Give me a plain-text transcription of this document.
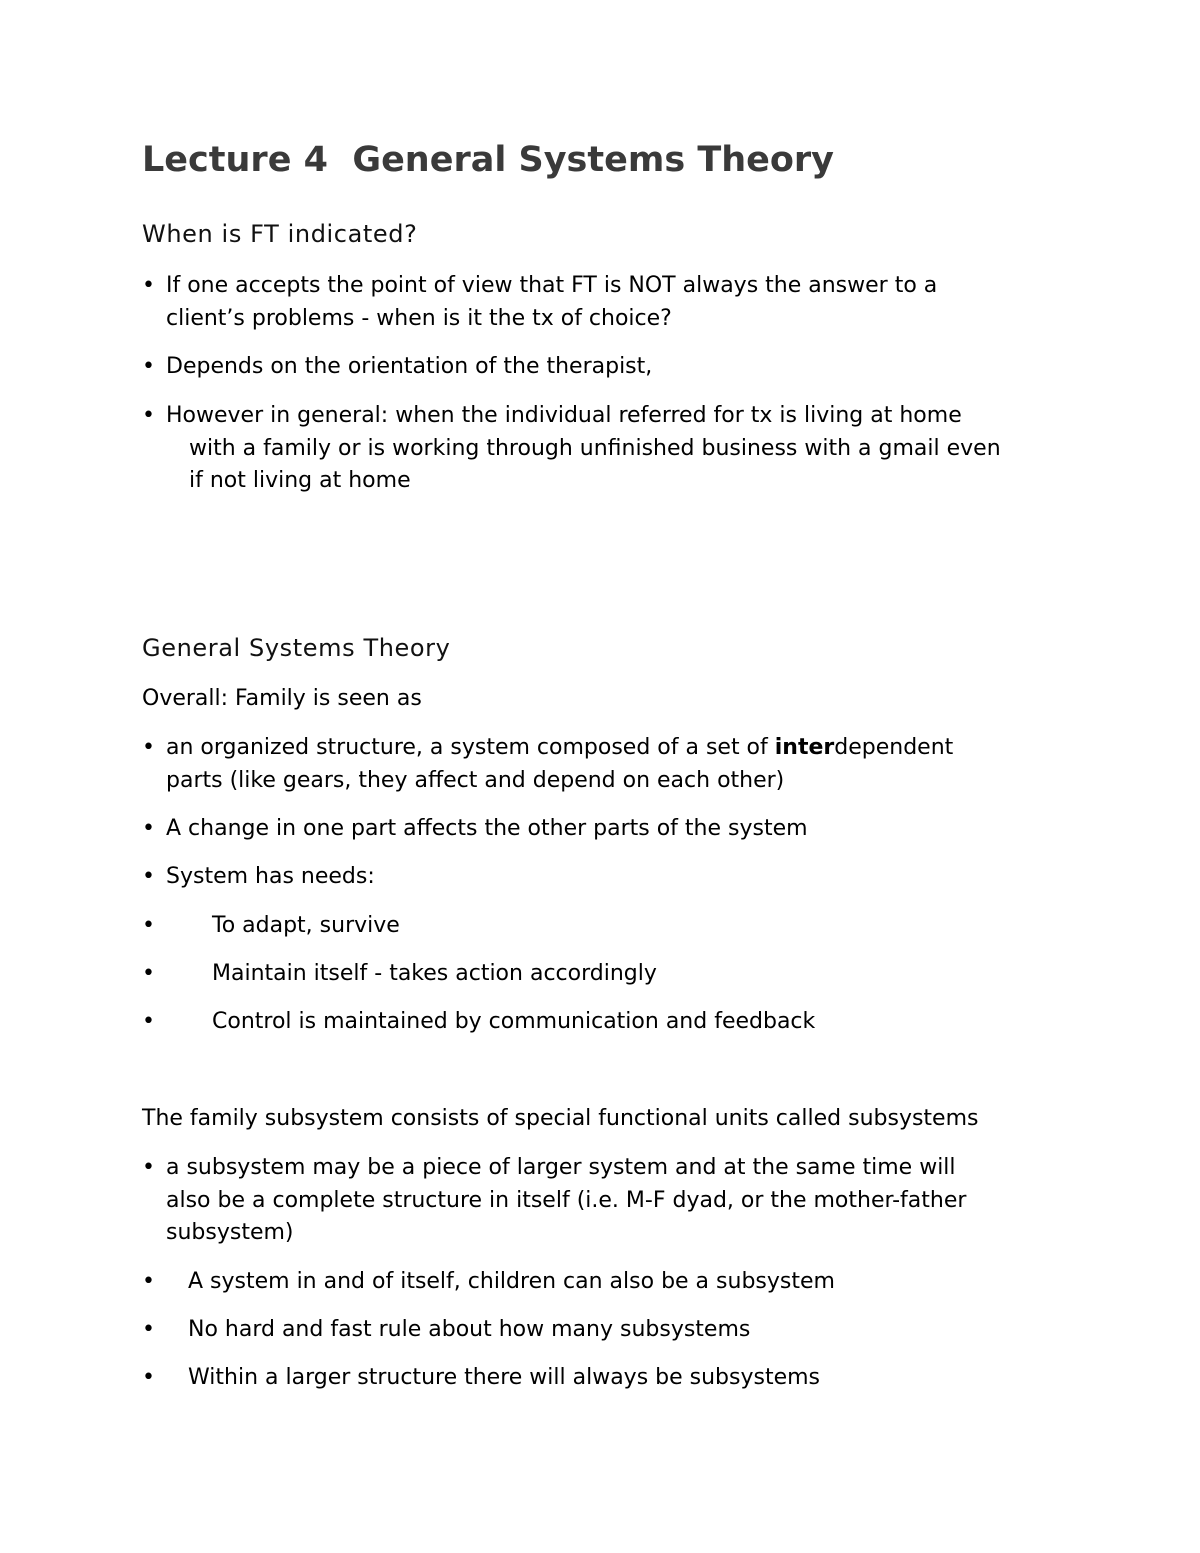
Lecture 4  General Systems Theory
When is FT indicated?
• If one accepts the point of view that FT is NOT always the answer to a
client’s problems - when is it the tx of choice?
• Depends on the orientation of the therapist,
• However in general: when the individual referred for tx is living at home
with a family or is working through unfinished business with a gmail even
if not living at home
General Systems Theory

Overall: Family is seen as

• an organized structure, a system composed of a set of interdependent
parts (like gears, they affect and depend on each other)
• A change in one part affects the other parts of the system
• System has needs:
•	To adapt, survive
•	Maintain itself - takes action accordingly
•	Control is maintained by communication and feedback

The family subsystem consists of special functional units called subsystems

• a subsystem may be a piece of larger system and at the same time will
also be a complete structure in itself (i.e. M-F dyad, or the mother-father
subsystem)
•	A system in and of itself, children can also be a subsystem
•	No hard and fast rule about how many subsystems
•	Within a larger structure there will always be subsystems
